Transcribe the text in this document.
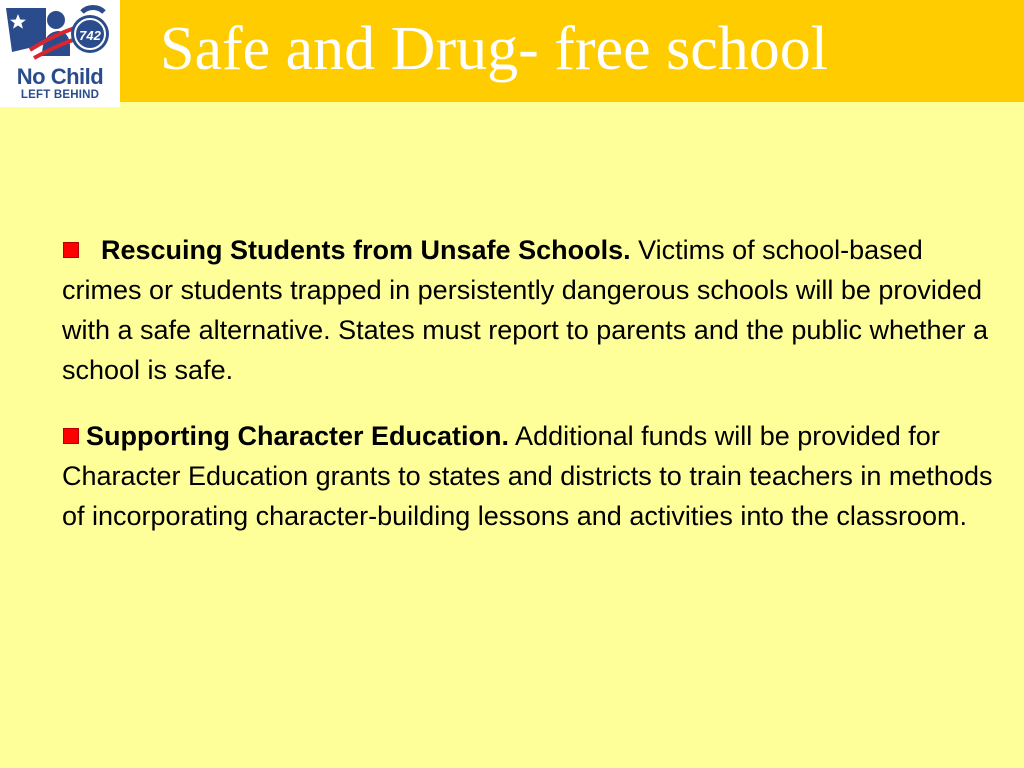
742
No Child
LEFT BEHIND
Safe and Drug- free school

Rescuing Students from Unsafe Schools. Victims of school-based crimes or students trapped in persistently dangerous schools will be provided with a safe alternative. States must report to parents and the public whether a school is safe.

Supporting Character Education. Additional funds will be provided for Character Education grants to states and districts to train teachers in methods of incorporating character-building lessons and activities into the classroom.
